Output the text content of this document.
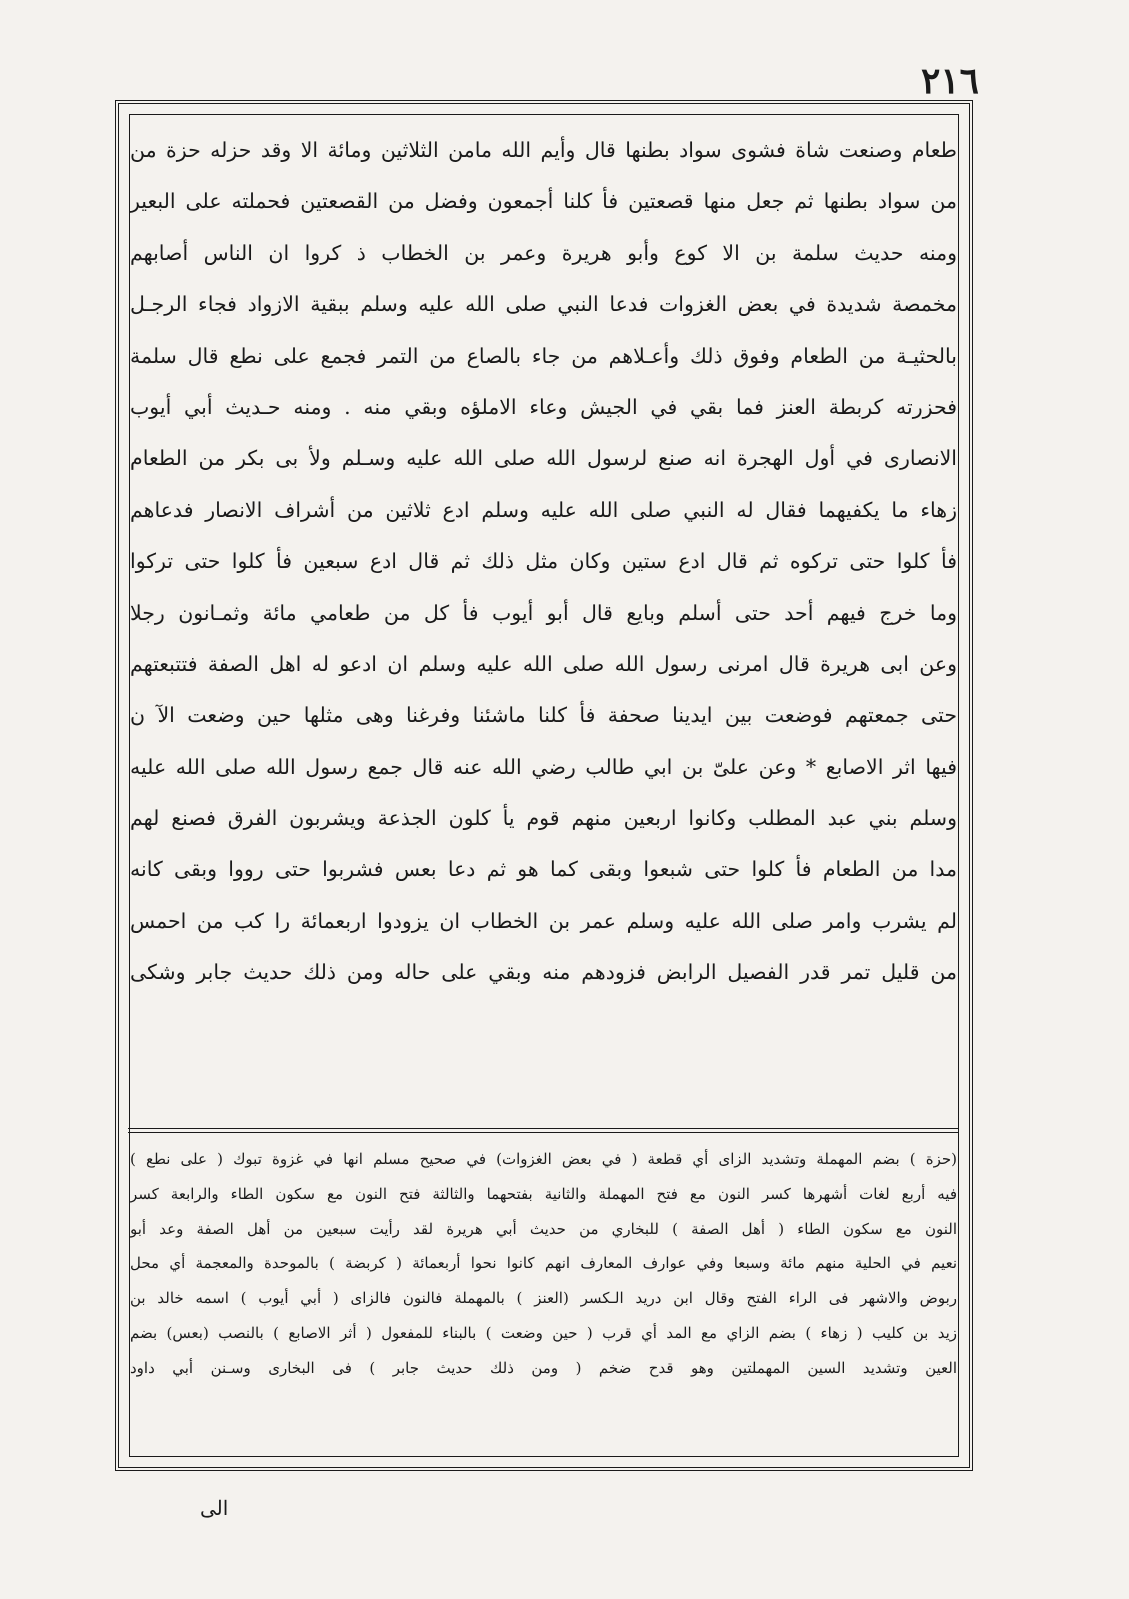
٢١٦
طعام وصنعت شاة فشوى سواد بطنها قال وأيم الله مامن الثلاثين ومائة الا وقد حزله حزة من
من سواد بطنها ثم جعل منها قصعتين فأ كلنا أجمعون وفضل من القصعتين فحملته على البعير
ومنه حديث سلمة بن الا كوع وأبو هريرة وعمر بن الخطاب ذ كروا ان الناس أصابهم
مخمصة شديدة في بعض الغزوات فدعا النبي صلى الله عليه وسلم ببقية الازواد فجاء الرجـل
بالحثيـة من الطعام وفوق ذلك وأعـلاهم من جاء بالصاع من التمر فجمع على نطع قال سلمة
فحزرته كربطة العنز فما بقي في الجيش وعاء الاملؤه وبقي منه . ومنه حـديث أبي أيوب
الانصارى في أول الهجرة انه صنع لرسول الله صلى الله عليه وسـلم ولأ بى بكر من الطعام
زهاء ما يكفيهما فقال له النبي صلى الله عليه وسلم ادع ثلاثين من أشراف الانصار فدعاهم
فأ كلوا حتى تركوه ثم قال ادع ستين وكان مثل ذلك ثم قال ادع سبعين فأ كلوا حتى تركوا
وما خرج فيهم أحد حتى أسلم وبايع قال أبو أيوب فأ كل من طعامي مائة وثمـانون رجلا
وعن ابى هريرة قال امرنى رسول الله صلى الله عليه وسلم ان ادعو له اهل الصفة فتتبعتهم
حتى جمعتهم فوضعت بين ايدينا صحفة فأ كلنا ماشئنا وفرغنا وهى مثلها حين وضعت الآ ن
فيها اثر الاصابع * وعن علىّ بن ابي طالب رضي الله عنه قال جمع رسول الله صلى الله عليه
وسلم بني عبد المطلب وكانوا اربعين منهم قوم يأ كلون الجذعة ويشربون الفرق فصنع لهم
مدا من الطعام فأ كلوا حتى شبعوا وبقى كما هو ثم دعا بعس فشربوا حتى رووا وبقى كانه
لم يشرب وامر صلى الله عليه وسلم عمر بن الخطاب ان يزودوا اربعمائة را كب من احمس
من قليل تمر قدر الفصيل الرابض فزودهم منه وبقي على حاله ومن ذلك حديث جابر وشكى
(حزة ) بضم المهملة وتشديد الزاى أي قطعة ( في بعض الغزوات) في صحيح مسلم انها في غزوة تبوك ( على نطع )
فيه أربع لغات أشهرها كسر النون مع فتح المهملة والثانية بفتحهما والثالثة فتح النون مع سكون الطاء والرابعة كسر
النون مع سكون الطاء ( أهل الصفة ) للبخاري من حديث أبي هريرة لقد رأيت سبعين من أهل الصفة وعد أبو
نعيم في الحلية منهم مائة وسبعا وفي عوارف المعارف انهم كانوا نحوا أربعمائة ( كربضة ) بالموحدة والمعجمة أي محل
ربوض والاشهر فى الراء الفتح وقال ابن دريد الـكسر (العنز ) بالمهملة فالنون فالزاى ( أبي أيوب ) اسمه خالد بن
زيد بن كليب ( زهاء ) بضم الزاي مع المد أي قرب ( حين وضعت ) بالبناء للمفعول ( أثر الاصابع ) بالنصب (بعس) بضم
العين وتشديد السين المهملتين وهو قدح ضخم ( ومن ذلك حديث جابر ) فى البخارى وسـنن أبي داود
الى
